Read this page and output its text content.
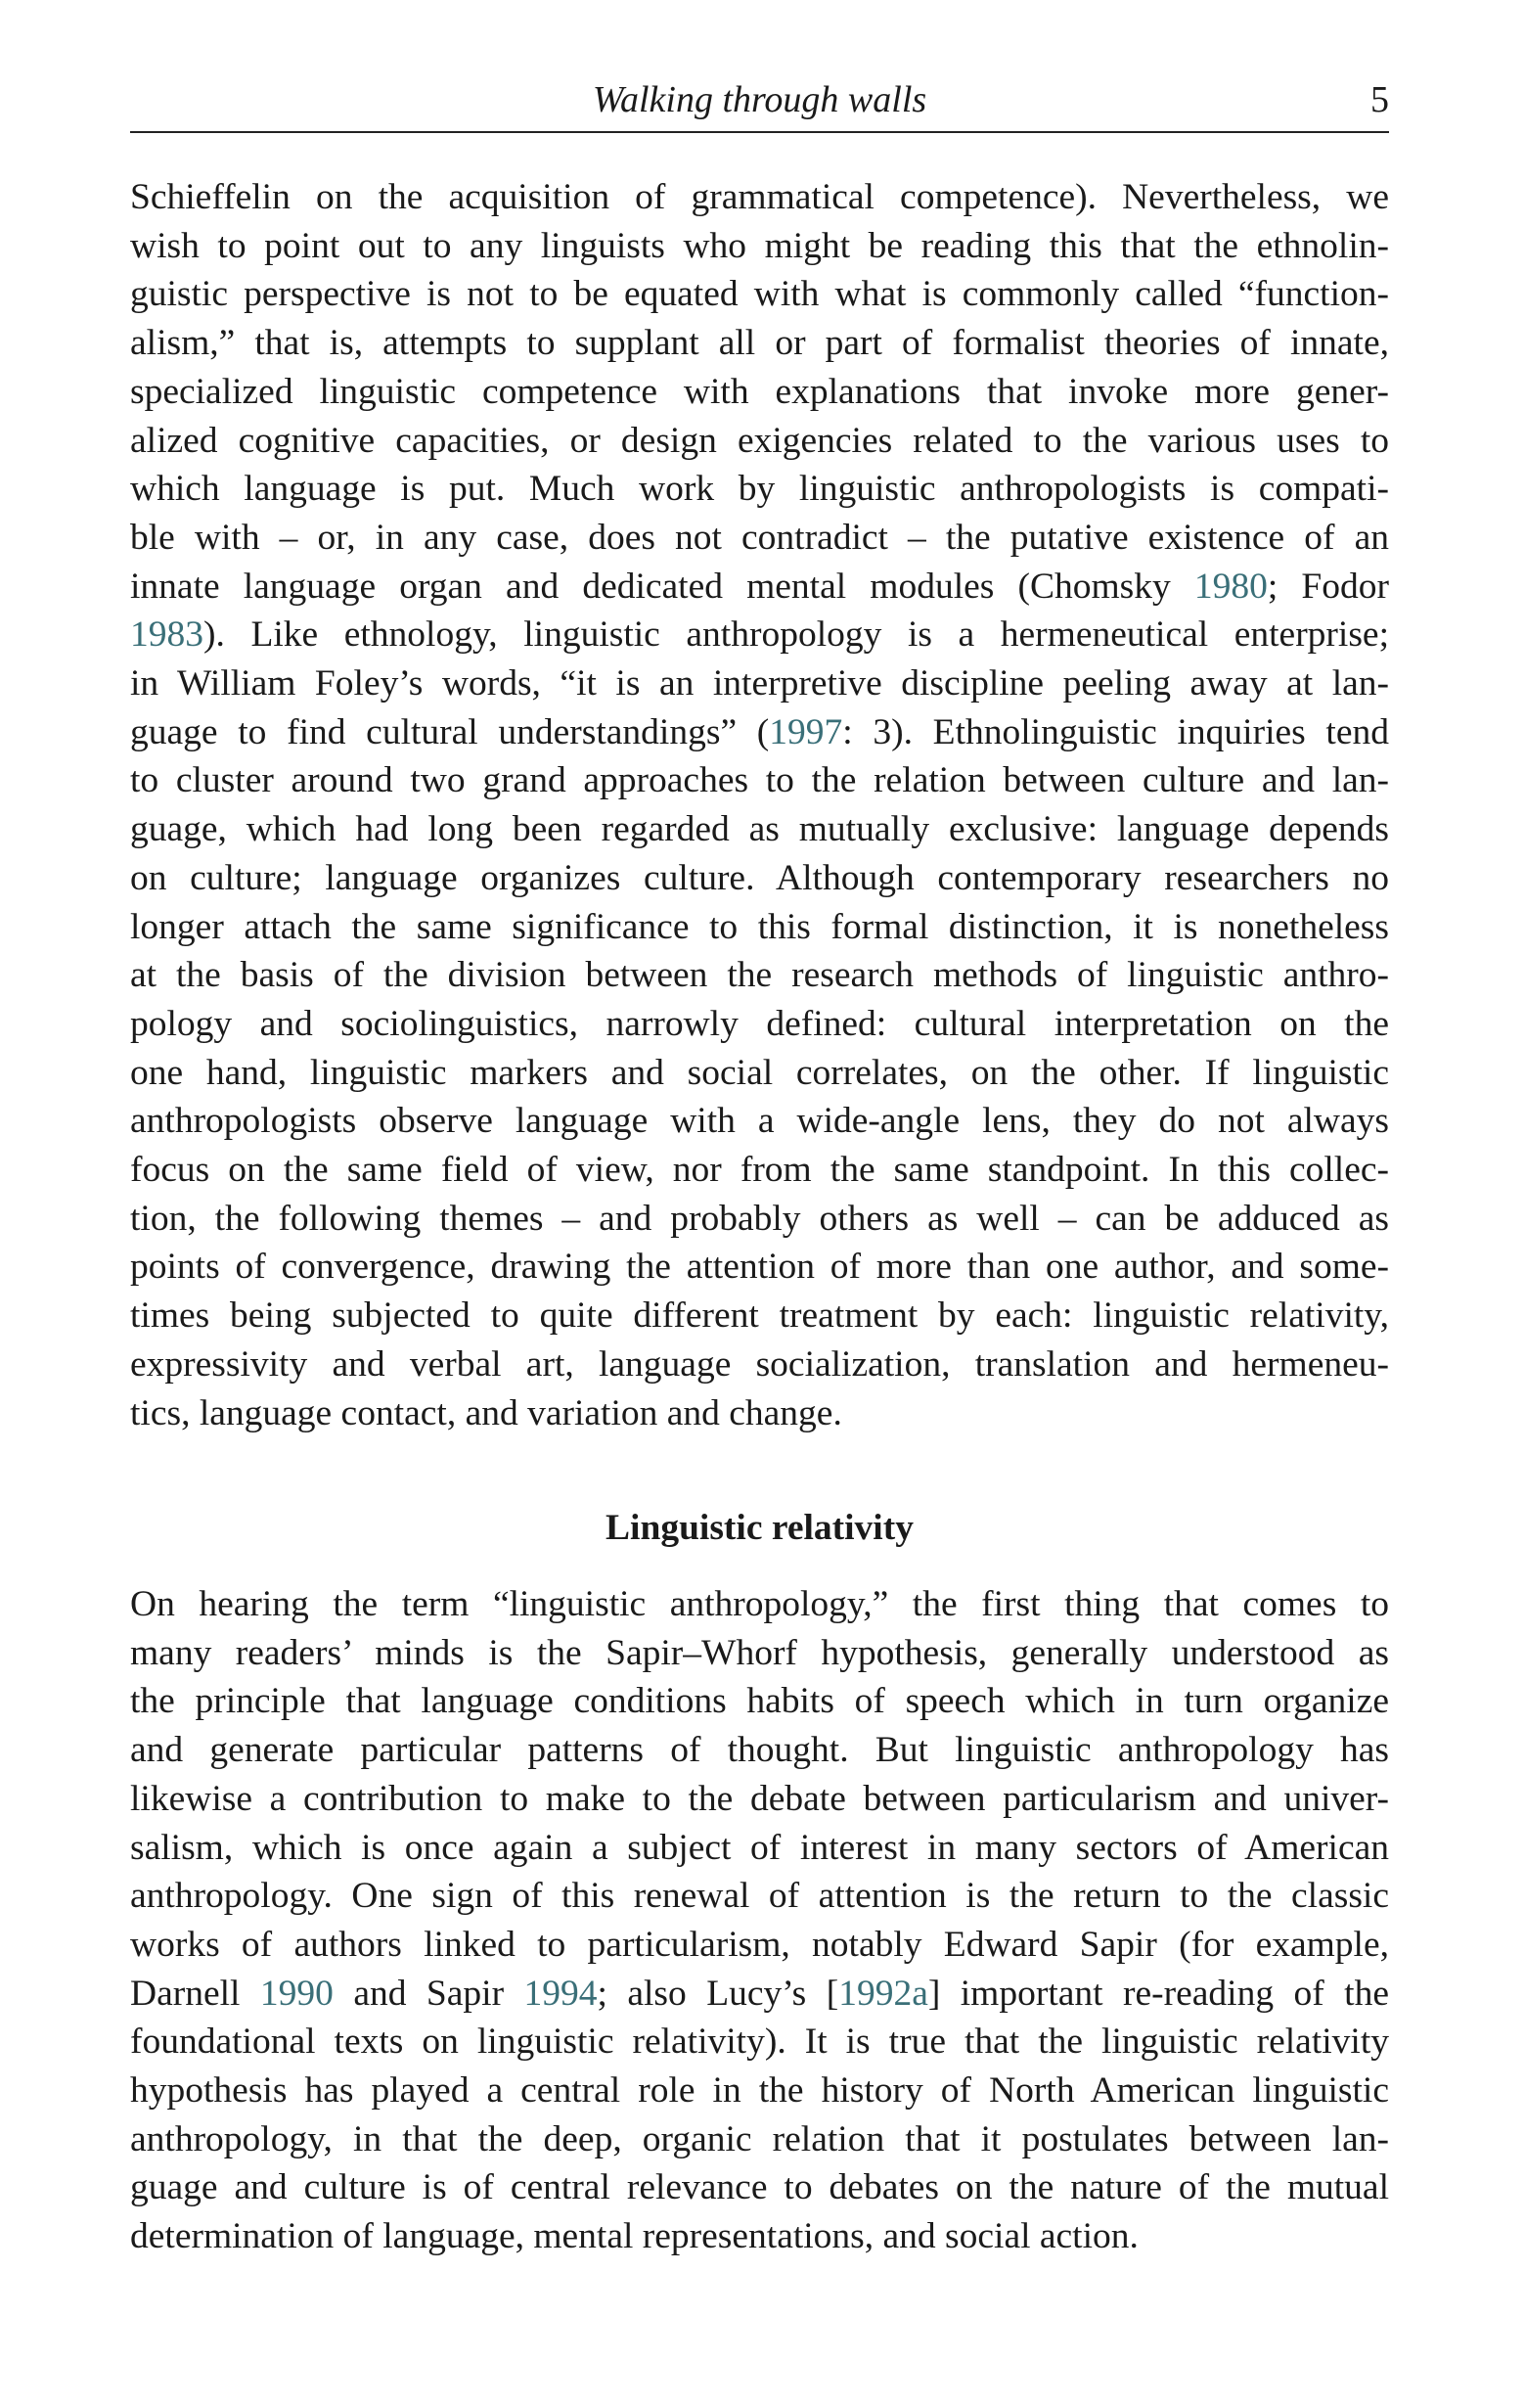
Walking through walls	5
Schieffelin on the acquisition of grammatical competence). Nevertheless, we
wish to point out to any linguists who might be reading this that the ethnolin-
guistic perspective is not to be equated with what is commonly called “function-
alism,” that is, attempts to supplant all or part of formalist theories of innate,
specialized linguistic competence with explanations that invoke more gener-
alized cognitive capacities, or design exigencies related to the various uses to
which language is put. Much work by linguistic anthropologists is compati-
ble with – or, in any case, does not contradict – the putative existence of an
innate language organ and dedicated mental modules (Chomsky 1980; Fodor
1983). Like ethnology, linguistic anthropology is a hermeneutical enterprise;
in William Foley’s words, “it is an interpretive discipline peeling away at lan-
guage to find cultural understandings” (1997: 3). Ethnolinguistic inquiries tend
to cluster around two grand approaches to the relation between culture and lan-
guage, which had long been regarded as mutually exclusive: language depends
on culture; language organizes culture. Although contemporary researchers no
longer attach the same significance to this formal distinction, it is nonetheless
at the basis of the division between the research methods of linguistic anthro-
pology and sociolinguistics, narrowly defined: cultural interpretation on the
one hand, linguistic markers and social correlates, on the other. If linguistic
anthropologists observe language with a wide-angle lens, they do not always
focus on the same field of view, nor from the same standpoint. In this collec-
tion, the following themes – and probably others as well – can be adduced as
points of convergence, drawing the attention of more than one author, and some-
times being subjected to quite different treatment by each: linguistic relativity,
expressivity and verbal art, language socialization, translation and hermeneu-
tics, language contact, and variation and change.
Linguistic relativity
On hearing the term “linguistic anthropology,” the first thing that comes to
many readers’ minds is the Sapir–Whorf hypothesis, generally understood as
the principle that language conditions habits of speech which in turn organize
and generate particular patterns of thought. But linguistic anthropology has
likewise a contribution to make to the debate between particularism and univer-
salism, which is once again a subject of interest in many sectors of American
anthropology. One sign of this renewal of attention is the return to the classic
works of authors linked to particularism, notably Edward Sapir (for example,
Darnell 1990 and Sapir 1994; also Lucy’s [1992a] important re-reading of the
foundational texts on linguistic relativity). It is true that the linguistic relativity
hypothesis has played a central role in the history of North American linguistic
anthropology, in that the deep, organic relation that it postulates between lan-
guage and culture is of central relevance to debates on the nature of the mutual
determination of language, mental representations, and social action.
